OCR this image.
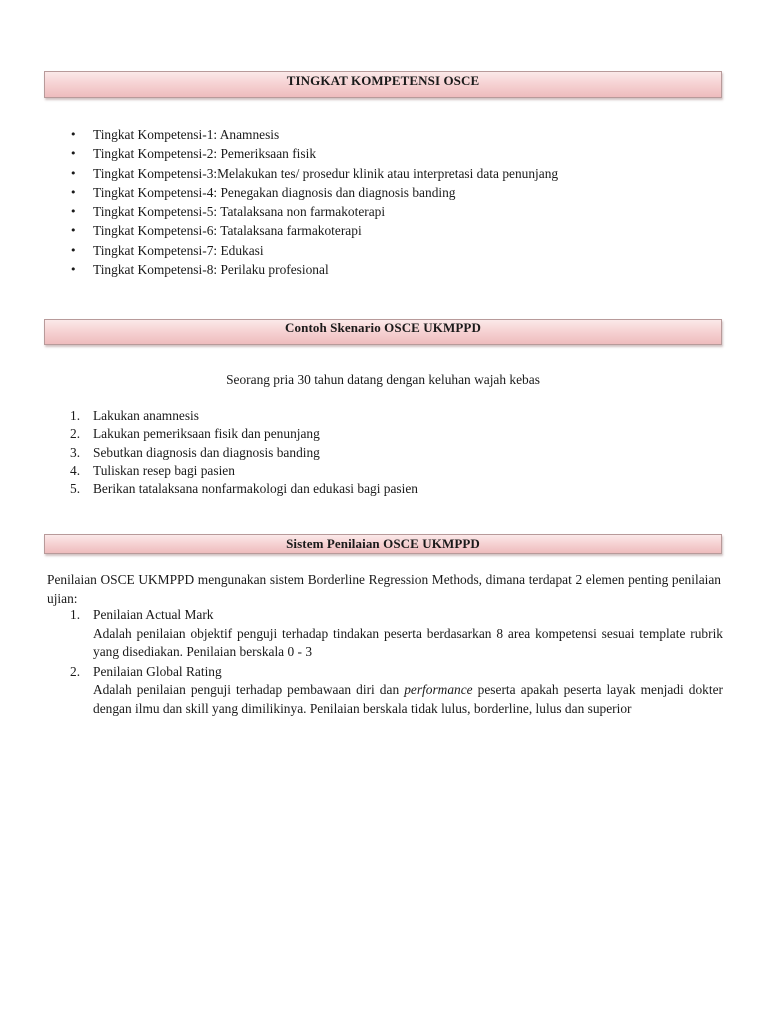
TINGKAT KOMPETENSI OSCE
• Tingkat Kompetensi-1: Anamnesis
• Tingkat Kompetensi-2: Pemeriksaan fisik
• Tingkat Kompetensi-3:Melakukan tes/ prosedur klinik atau interpretasi data penunjang
• Tingkat Kompetensi-4: Penegakan diagnosis dan diagnosis banding
• Tingkat Kompetensi-5: Tatalaksana non farmakoterapi
• Tingkat Kompetensi-6: Tatalaksana farmakoterapi
• Tingkat Kompetensi-7: Edukasi
• Tingkat Kompetensi-8: Perilaku profesional
Contoh Skenario OSCE UKMPPD
Seorang pria 30 tahun datang dengan keluhan wajah kebas
1. Lakukan anamnesis
2. Lakukan pemeriksaan fisik dan penunjang
3. Sebutkan diagnosis dan diagnosis banding
4. Tuliskan resep bagi pasien
5. Berikan tatalaksana nonfarmakologi dan edukasi bagi pasien
Sistem Penilaian OSCE UKMPPD

Penilaian OSCE UKMPPD mengunakan sistem Borderline Regression Methods, dimana terdapat 2 elemen penting penilaian ujian:

1. Penilaian Actual Mark
Adalah penilaian objektif penguji terhadap tindakan peserta berdasarkan 8 area kompetensi sesuai template rubrik yang disediakan. Penilaian berskala 0 - 3
2. Penilaian Global Rating
Adalah penilaian penguji terhadap pembawaan diri dan performance peserta apakah peserta layak menjadi dokter dengan ilmu dan skill yang dimilikinya. Penilaian berskala tidak lulus, borderline, lulus dan superior
